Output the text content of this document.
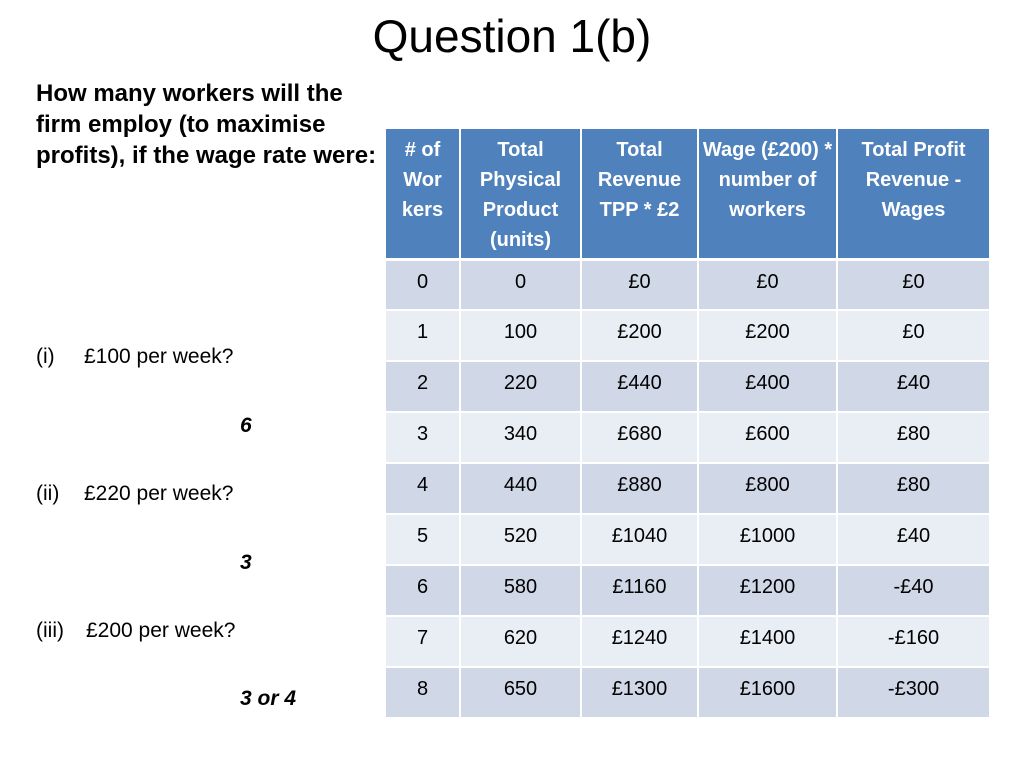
Question 1(b)

How many workers will the firm employ (to maximise profits), if the wage rate were:

(i) £100 per week?
6
(ii) £220 per week?
3
(iii) £200 per week?
3 or 4
# of Wor kers	Total Physical Product (units)	Total Revenue TPP * £2	Wage (£200) * number of workers	Total Profit Revenue - Wages
0	0	£0	£0	£0
1	100	£200	£200	£0
2	220	£440	£400	£40
3	340	£680	£600	£80
4	440	£880	£800	£80
5	520	£1040	£1000	£40
6	580	£1160	£1200	-£40
7	620	£1240	£1400	-£160
8	650	£1300	£1600	-£300
